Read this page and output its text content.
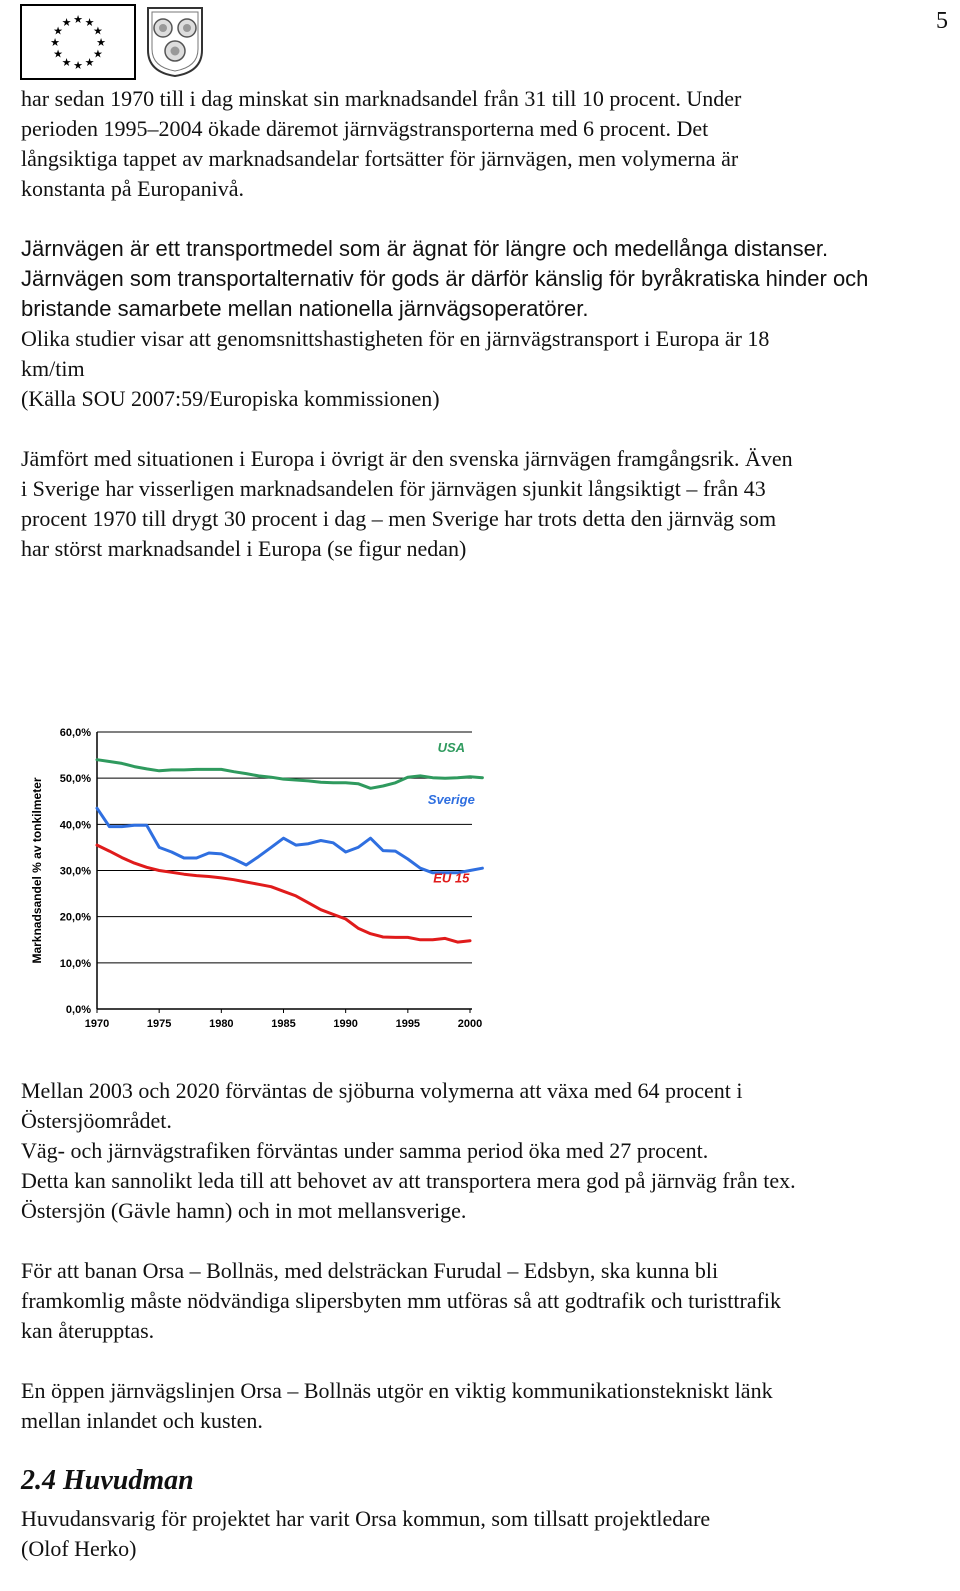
5
★ ★
★
★
★
★
★
★
★
★
★
★
har sedan 1970 till i dag minskat sin marknadsandel från 31 till 10 procent. Under
perioden 1995–2004 ökade däremot järnvägstransporterna med 6 procent. Det
långsiktiga tappet av marknadsandelar fortsätter för järnvägen, men volymerna är
konstanta på Europanivå.
Järnvägen är ett transportmedel som är ägnat för längre och medellånga distanser.
Järnvägen som transportalternativ för gods är därför känslig för byråkratiska hinder och
bristande samarbete mellan nationella järnvägsoperatörer.
Olika studier visar att genomsnittshastigheten för en järnvägstransport i Europa är 18
km/tim
(Källa SOU 2007:59/Europiska kommissionen)
Jämfört med situationen i Europa i övrigt är den svenska järnvägen framgångsrik. Även
i Sverige har visserligen marknadsandelen för järnvägen sjunkit långsiktigt – från 43
procent 1970 till drygt 30 procent i dag – men Sverige har trots detta den järnväg som
har störst marknadsandel i Europa (se figur nedan)
0,0%
10,0%
20,0%
30,0%
40,0%
50,0%
60,0%
1970	1975	1980	1985	1990	1995	2000
Marknadsandel % av tonkilmeter
USA
Sverige
EU 15
Mellan 2003 och 2020 förväntas de sjöburna volymerna att växa med 64 procent i
Östersjöområdet.
Väg- och järnvägstrafiken förväntas under samma period öka med 27 procent.
Detta kan sannolikt leda till att behovet av att transportera mera god på järnväg från tex.
Östersjön (Gävle hamn) och in mot mellansverige.
För att banan Orsa – Bollnäs, med delsträckan Furudal – Edsbyn, ska kunna bli
framkomlig måste nödvändiga slipersbyten mm utföras så att godtrafik och turisttrafik
kan återupptas.
En öppen järnvägslinjen Orsa – Bollnäs utgör en viktig kommunikationstekniskt länk
mellan inlandet och kusten.
2.4 Huvudman
Huvudansvarig för projektet har varit Orsa kommun, som tillsatt projektledare
(Olof Herko)
